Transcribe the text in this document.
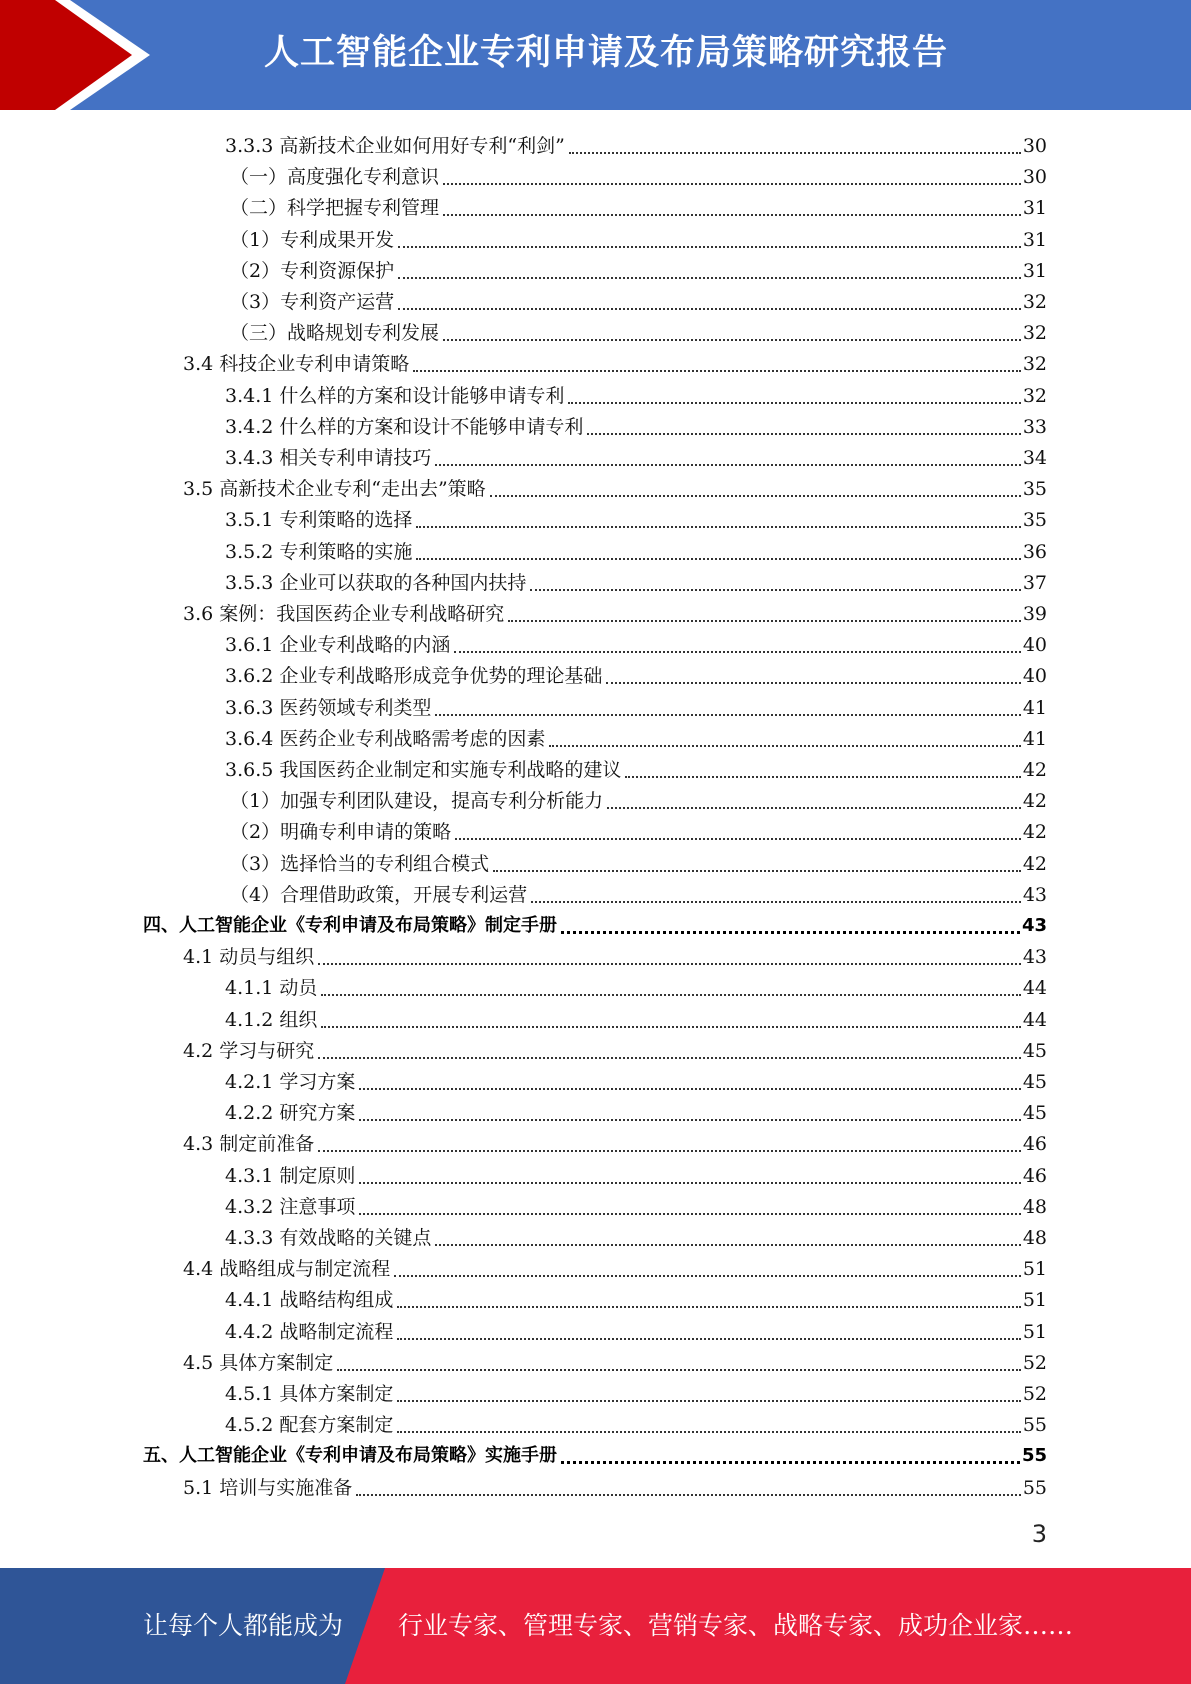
人工智能企业专利申请及布局策略研究报告
3.3.3 高新技术企业如何用好专利“利剑”	30
（一）高度强化专利意识	30
（二）科学把握专利管理	31
（1）专利成果开发	31
（2）专利资源保护	31
（3）专利资产运营	32
（三）战略规划专利发展	32
3.4 科技企业专利申请策略	32
3.4.1 什么样的方案和设计能够申请专利	32
3.4.2 什么样的方案和设计不能够申请专利	33
3.4.3 相关专利申请技巧	34
3.5 高新技术企业专利“走出去”策略	35
3.5.1 专利策略的选择	35
3.5.2 专利策略的实施	36
3.5.3 企业可以获取的各种国内扶持	37
3.6 案例：我国医药企业专利战略研究	39
3.6.1 企业专利战略的内涵	40
3.6.2 企业专利战略形成竞争优势的理论基础	40
3.6.3 医药领域专利类型	41
3.6.4 医药企业专利战略需考虑的因素	41
3.6.5 我国医药企业制定和实施专利战略的建议	42
（1）加强专利团队建设，提高专利分析能力	42
（2）明确专利申请的策略	42
（3）选择恰当的专利组合模式	42
（4）合理借助政策，开展专利运营	43
四、人工智能企业《专利申请及布局策略》制定手册	43
4.1 动员与组织	43
4.1.1 动员	44
4.1.2 组织	44
4.2 学习与研究	45
4.2.1 学习方案	45
4.2.2 研究方案	45
4.3 制定前准备	46
4.3.1 制定原则	46
4.3.2 注意事项	48
4.3.3 有效战略的关键点	48
4.4 战略组成与制定流程	51
4.4.1 战略结构组成	51
4.4.2 战略制定流程	51
4.5 具体方案制定	52
4.5.1 具体方案制定	52
4.5.2 配套方案制定	55
五、人工智能企业《专利申请及布局策略》实施手册	55
5.1 培训与实施准备	55
3
让每个人都能成为 行业专家、管理专家、营销专家、战略专家、成功企业家……
